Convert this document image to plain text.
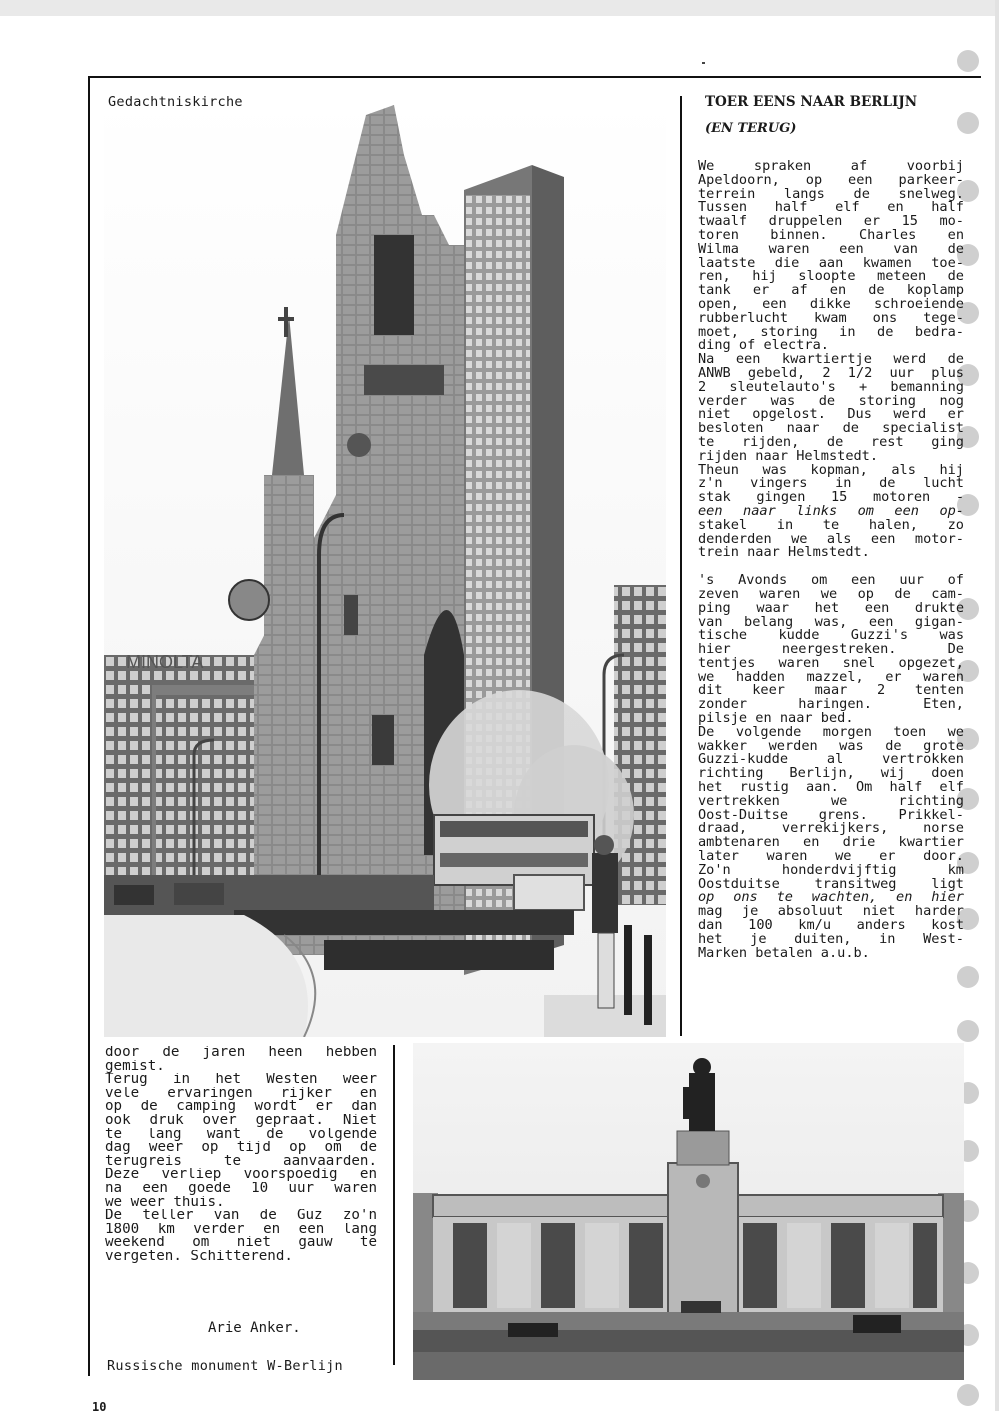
MINOLTA
Gedachtniskirche	TOER EENS NAAR BERLIJN
(EN TERUG)
We spraken af voorbij
Apeldoorn, op een parkeer-
terrein langs de snelweg.
Tussen half elf en half
twaalf druppelen er 15 mo-
toren binnen. Charles en
Wilma waren een van de
laatste die aan kwamen toe-
ren, hij sloopte meteen de
tank er af en de koplamp
open, een dikke schroeiende
rubberlucht kwam ons tege-
moet, storing in de bedra-
ding of electra.
Na een kwartiertje werd de
ANWB gebeld, 2 1/2 uur plus
2 sleutelauto's + bemanning
verder was de storing nog
niet opgelost. Dus werd er
besloten naar de specialist
te rijden, de rest ging
rijden naar Helmstedt.
Theun was kopman, als hij
z'n vingers in de lucht
stak gingen 15 motoren -
een naar links om een op-
stakel in te halen, zo
denderden we als een motor-
trein naar Helmstedt.
's Avonds om een uur of
zeven waren we op de cam-
ping waar het een drukte
van belang was, een gigan-
tische kudde Guzzi's was
hier neergestreken. De
tentjes waren snel opgezet,
we hadden mazzel, er waren
dit keer maar 2 tenten
zonder haringen. Eten,
pilsje en naar bed.
De volgende morgen toen we
wakker werden was de grote
Guzzi-kudde al vertrokken
richting Berlijn, wij doen
het rustig aan. Om half elf
vertrekken we richting
Oost-Duitse grens. Prikkel-
draad, verrekijkers, norse
ambtenaren en drie kwartier
later waren we er door.
Zo'n honderdvijftig km
Oostduitse transitweg ligt
op ons te wachten, en hier
mag je absoluut niet harder
dan 100 km/u anders kost
het je duiten, in West-
Marken betalen a.u.b.
door de jaren heen hebben
gemist.
Terug in het Westen weer
vele ervaringen rijker en
op de camping wordt er dan
ook druk over gepraat. Niet
te lang want de volgende
dag weer op tijd op om de
terugreis te aanvaarden.
Deze verliep voorspoedig en
na een goede 10 uur waren
we weer thuis.
De teller van de Guz zo'n
1800 km verder en een lang
weekend om niet gauw te
vergeten. Schitterend.
Arie Anker.
Russische monument W-Berlijn
10
